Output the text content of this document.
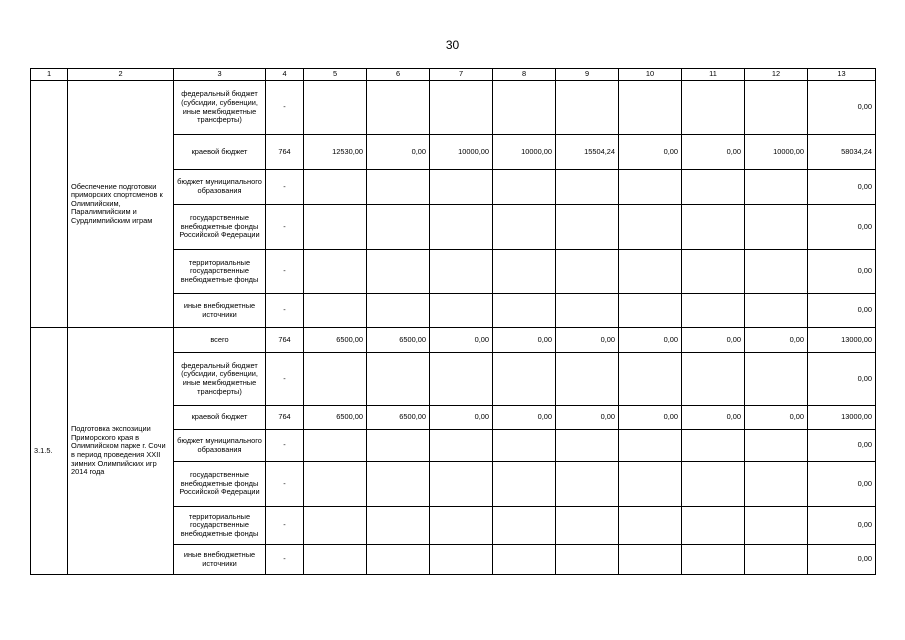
30
1	2	3	4	5	6	7	8	9	10	11	12	13
	Обеспечение подготовки приморских спортсменов к Олимпийским, Паралимпийским и Сурдлимпийским играм	федеральный бюджет (субсидии, субвенции, иные межбюджетные трансферты)	-									0,00
		краевой бюджет	764	12530,00	0,00	10000,00	10000,00	15504,24	0,00	0,00	10000,00	58034,24
		бюджет муниципального образования	-									0,00
		государственные внебюджетные фонды Российской Федерации	-									0,00
		территориальные государственные внебюджетные фонды	-									0,00
		иные внебюджетные источники	-									0,00
3.1.5.	Подготовка экспозиции Приморского края в Олимпийском парке г. Сочи в период проведения XXII зимних Олимпийских игр 2014 года	всего	764	6500,00	6500,00	0,00	0,00	0,00	0,00	0,00	0,00	13000,00
		федеральный бюджет (субсидии, субвенции, иные межбюджетные трансферты)	-									0,00
		краевой бюджет	764	6500,00	6500,00	0,00	0,00	0,00	0,00	0,00	0,00	13000,00
		бюджет муниципального образования	-									0,00
		государственные внебюджетные фонды Российской Федерации	-									0,00
		территориальные государственные внебюджетные фонды	-									0,00
		иные внебюджетные источники	-									0,00
